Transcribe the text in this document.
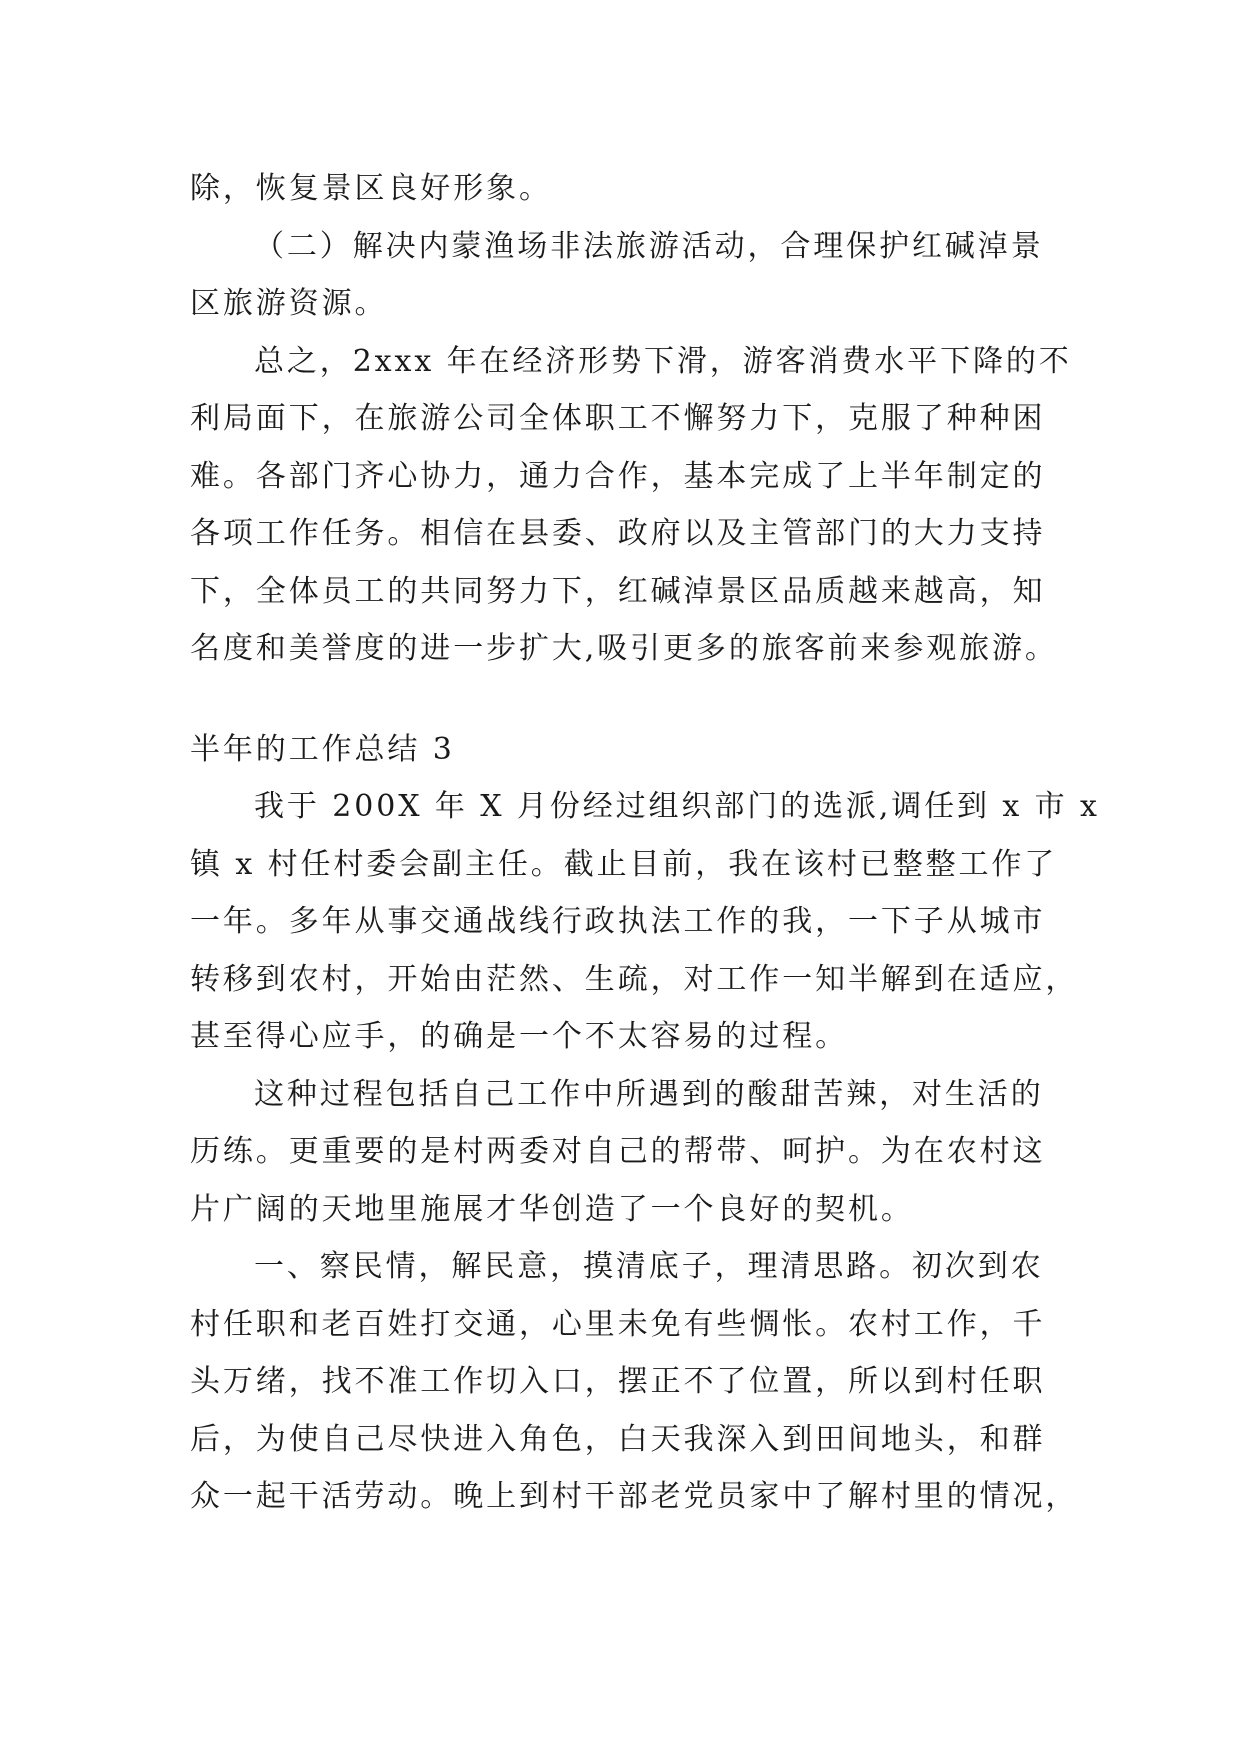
除，恢复景区良好形象。
（二）解决内蒙渔场非法旅游活动，合理保护红碱淖景
区旅游资源。
总之，2xxx 年在经济形势下滑，游客消费水平下降的不
利局面下，在旅游公司全体职工不懈努力下，克服了种种困
难。各部门齐心协力，通力合作，基本完成了上半年制定的
各项工作任务。相信在县委、政府以及主管部门的大力支持
下，全体员工的共同努力下，红碱淖景区品质越来越高，知
名度和美誉度的进一步扩大,吸引更多的旅客前来参观旅游。
半年的工作总结 3
我于 200X 年 X 月份经过组织部门的选派,调任到 x 市 x
镇 x 村任村委会副主任。截止目前，我在该村已整整工作了
一年。多年从事交通战线行政执法工作的我，一下子从城市
转移到农村，开始由茫然、生疏，对工作一知半解到在适应，
甚至得心应手，的确是一个不太容易的过程。
这种过程包括自己工作中所遇到的酸甜苦辣，对生活的
历练。更重要的是村两委对自己的帮带、呵护。为在农村这
片广阔的天地里施展才华创造了一个良好的契机。
一、察民情，解民意，摸清底子，理清思路。初次到农
村任职和老百姓打交通，心里未免有些惆怅。农村工作，千
头万绪，找不准工作切入口，摆正不了位置，所以到村任职
后，为使自己尽快进入角色，白天我深入到田间地头，和群
众一起干活劳动。晚上到村干部老党员家中了解村里的情况，
